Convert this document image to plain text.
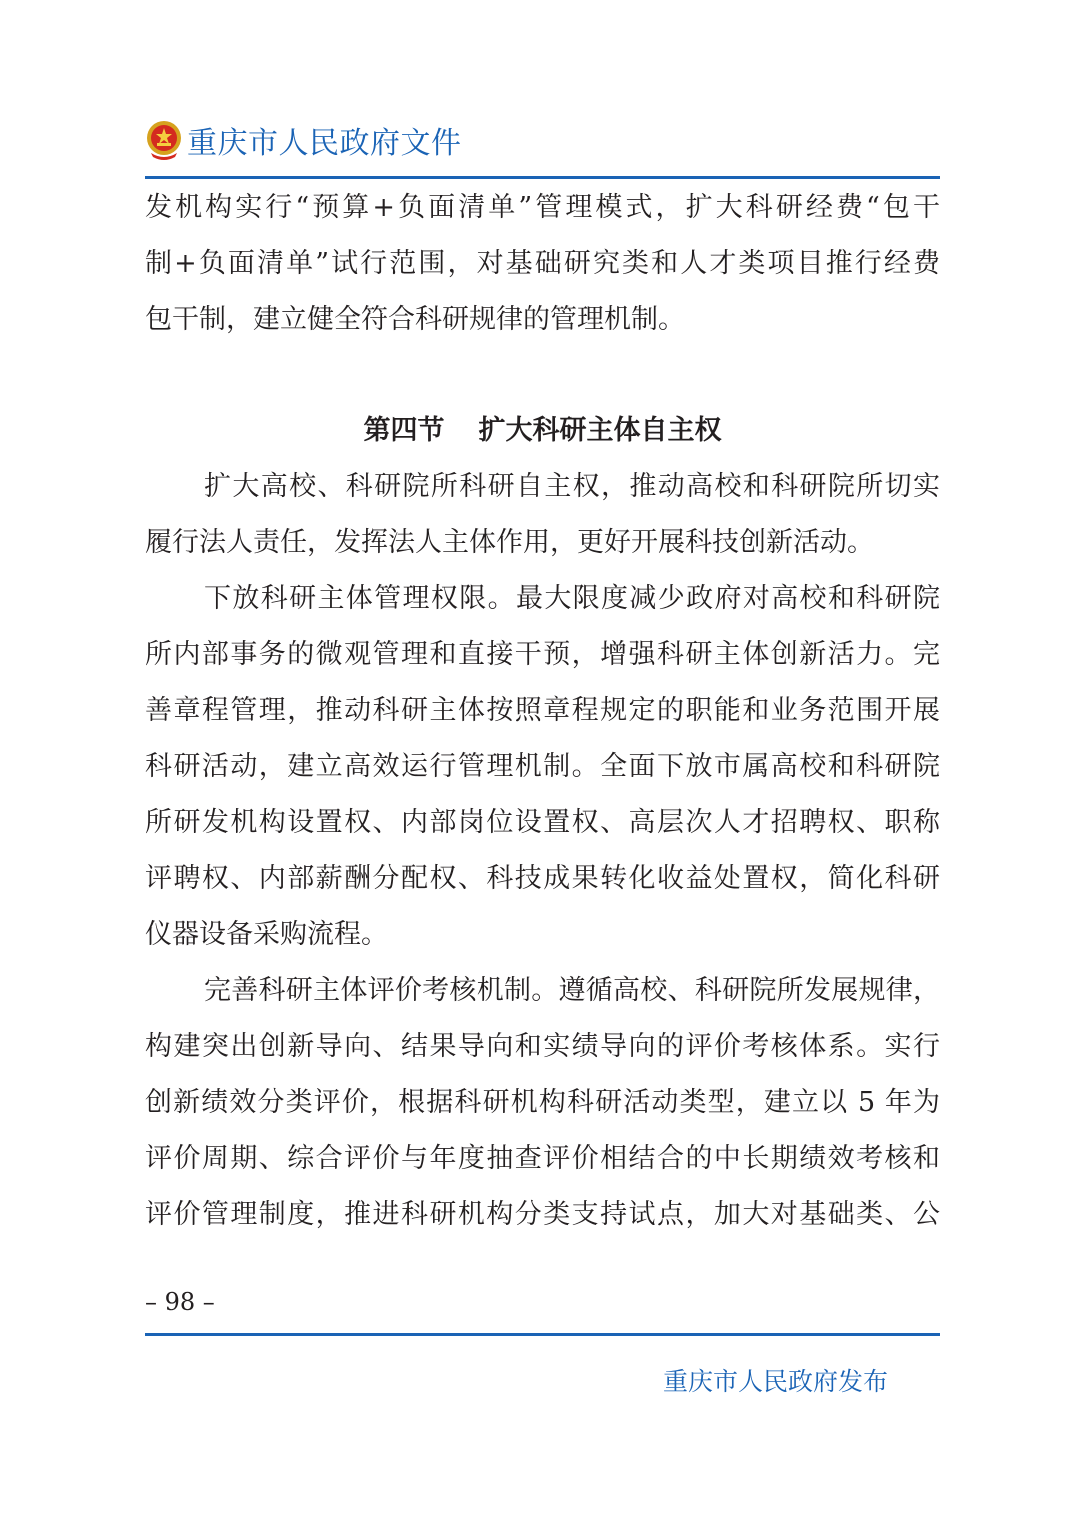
重庆市人民政府文件
发机构实行“预算+负面清单”管理模式，扩大科研经费“包干
制+负面清单”试行范围，对基础研究类和人才类项目推行经费
包干制，建立健全符合科研规律的管理机制。
第四节 扩大科研主体自主权
扩大高校、科研院所科研自主权，推动高校和科研院所切实
履行法人责任，发挥法人主体作用，更好开展科技创新活动。
下放科研主体管理权限。最大限度减少政府对高校和科研院
所内部事务的微观管理和直接干预，增强科研主体创新活力。完
善章程管理，推动科研主体按照章程规定的职能和业务范围开展
科研活动，建立高效运行管理机制。全面下放市属高校和科研院
所研发机构设置权、内部岗位设置权、高层次人才招聘权、职称
评聘权、内部薪酬分配权、科技成果转化收益处置权，简化科研
仪器设备采购流程。
完善科研主体评价考核机制。遵循高校、科研院所发展规律，
构建突出创新导向、结果导向和实绩导向的评价考核体系。实行
创新绩效分类评价，根据科研机构科研活动类型，建立以 5 年为
评价周期、综合评价与年度抽查评价相结合的中长期绩效考核和
评价管理制度，推进科研机构分类支持试点，加大对基础类、公
– 98 –
重庆市人民政府发布
